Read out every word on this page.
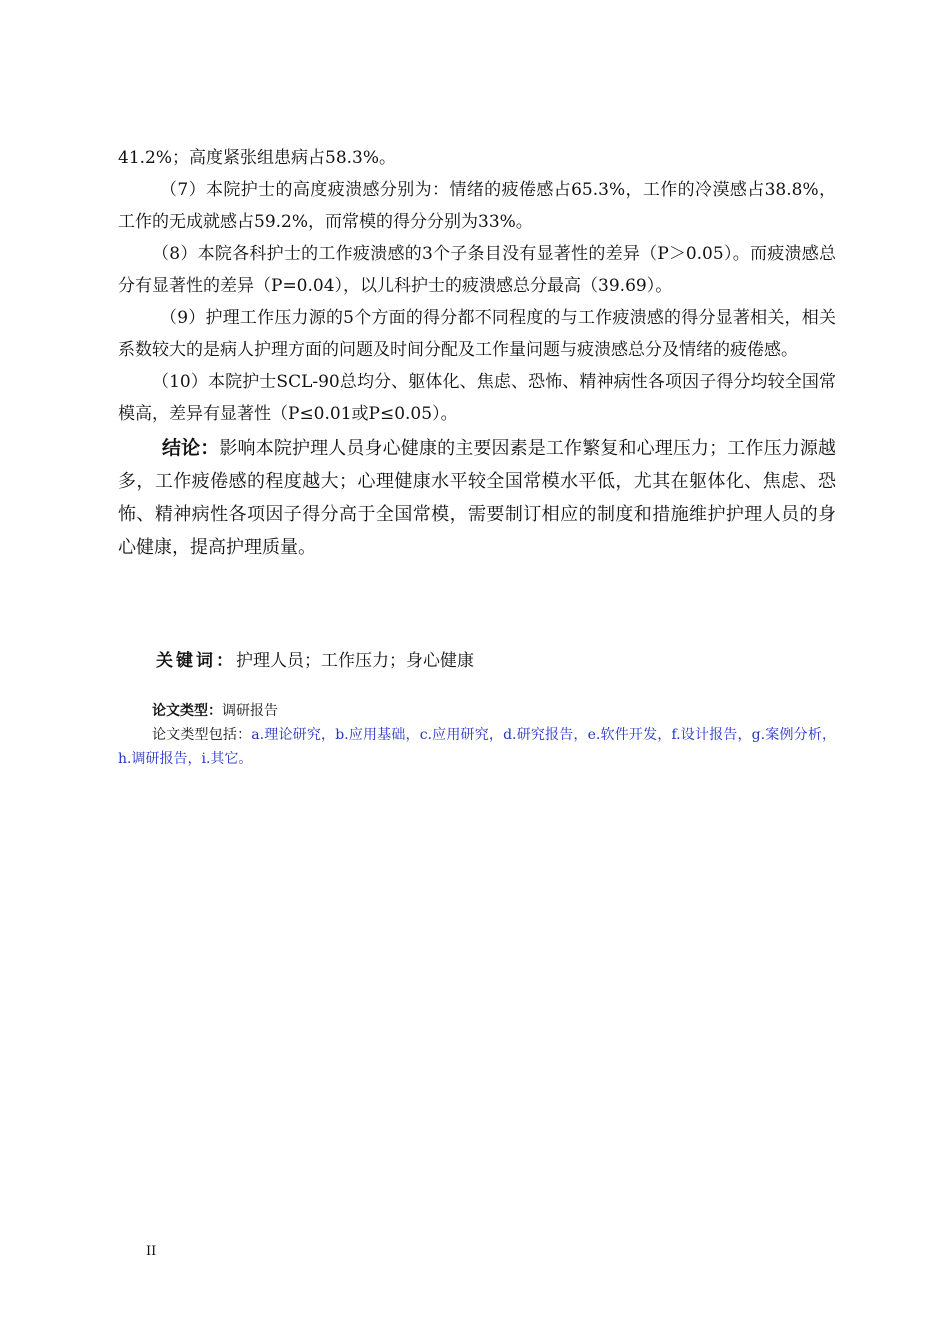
41.2%；高度紧张组患病占58.3%。

（7）本院护士的高度疲溃感分别为：情绪的疲倦感占65.3%，工作的冷漠感占38.8%，工作的无成就感占59.2%，而常模的得分分别为33%。

（8）本院各科护士的工作疲溃感的3个子条目没有显著性的差异（P＞0.05）。而疲溃感总分有显著性的差异（P=0.04），以儿科护士的疲溃感总分最高（39.69）。

（9）护理工作压力源的5个方面的得分都不同程度的与工作疲溃感的得分显著相关，相关系数较大的是病人护理方面的问题及时间分配及工作量问题与疲溃感总分及情绪的疲倦感。

（10）本院护士SCL-90总均分、躯体化、焦虑、恐怖、精神病性各项因子得分均较全国常模高，差异有显著性（P≤0.01或P≤0.05）。

结论：影响本院护理人员身心健康的主要因素是工作繁复和心理压力；工作压力源越多，工作疲倦感的程度越大；心理健康水平较全国常模水平低，尤其在躯体化、焦虑、恐怖、精神病性各项因子得分高于全国常模，需要制订相应的制度和措施维护护理人员的身心健康，提高护理质量。

关键词：护理人员；工作压力；身心健康
论文类型：调研报告
论文类型包括：a.理论研究，b.应用基础，c.应用研究，d.研究报告，e.软件开发，f.设计报告，g.案例分析，h.调研报告，i.其它。
II
